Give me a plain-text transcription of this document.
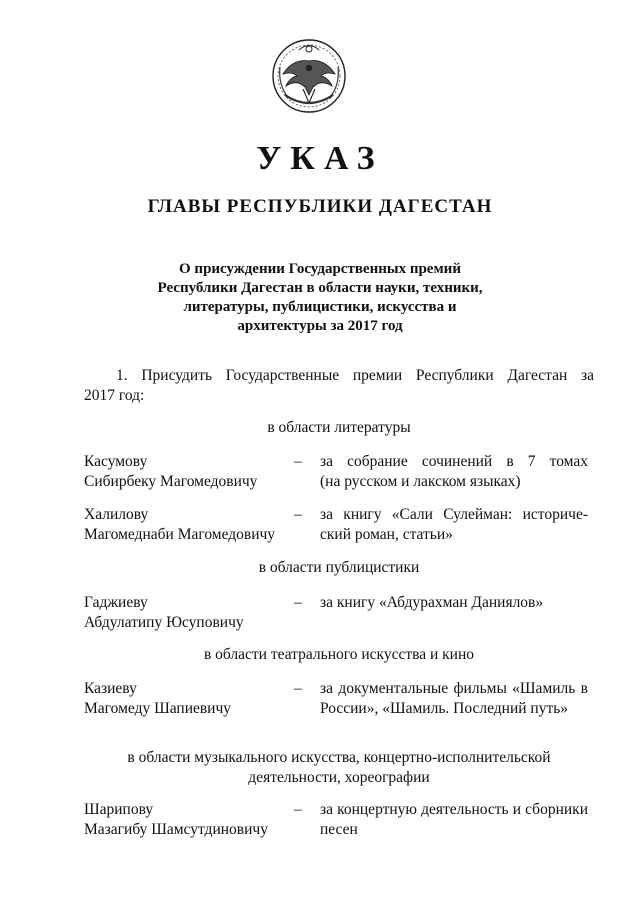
УКАЗ
ГЛАВЫ РЕСПУБЛИКИ ДАГЕСТАН
О присуждении Государственных премий
Республики Дагестан в области науки, техники,
литературы, публицистики, искусства и
архитектуры за 2017 год
1. Присудить Государственные премии Республики Дагестан за
2017 год:
в области литературы
Касумову
Сибирбеку Магомедовичу
– за собрание сочинений в 7 томах
(на русском и лакском языках)
Халилову
Магомеднаби Магомедовичу
– за книгу «Сали Сулейман: историче-
ский роман, статьи»
в области публицистики
Гаджиеву
Абдулатипу Юсуповичу
– за книгу «Абдурахман Даниялов»
в области театрального искусства и кино
Казиеву
Магомеду Шапиевичу
– за документальные фильмы «Шамиль в
России», «Шамиль. Последний путь»
в области музыкального искусства, концертно-исполнительской
деятельности, хореографии
Шарипову
Мазагибу Шамсутдиновичу
– за концертную деятельность и сборники
песен
